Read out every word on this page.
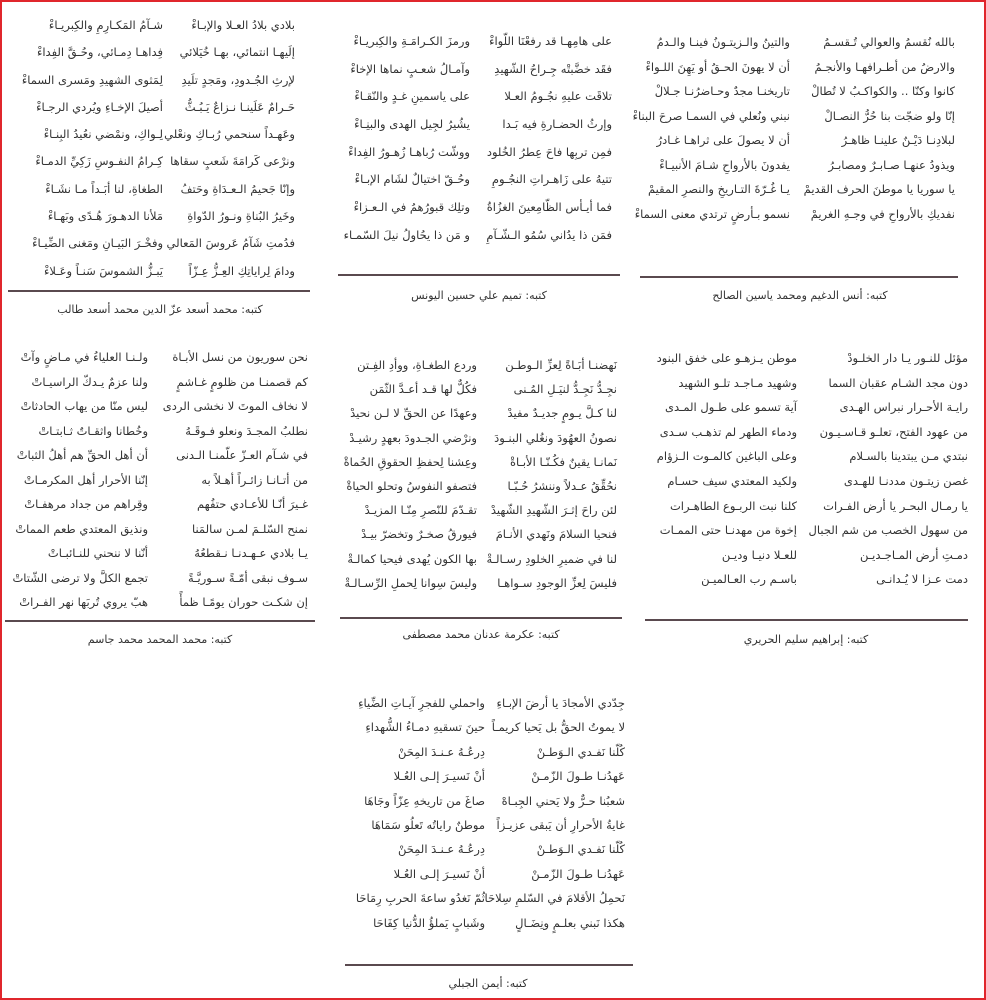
بالله نُقسمُ والعوالي تُـقسـمُ
والارضُ من أطـرافهـا والأنجـمُ
كانوا وكنّا .. والكواكـبُ لا تُطالْ
إنّا ولو ضجّت بنا حُرُّ النصـالْ
لبلادِنـا دَيْـنٌ علينـا ظاهـرُ
ويذودُ عنهـا صـابـرٌ ومصابـرُ
يا سوريا يا موطنَ الحرف القديمْ
نفديكِ بالأرواحِ في وجـهِ الغريمْ
والتينُ والـزيتـونُ فينـا والـدمُ
أن لا يهونَ الحـقُ أو يَهِنَ اللـواءْ
تاريخنـا مجدٌ وحـاضرُنـا جـلالْ
نبني ونُعلي في السمـا صرحَ البناءْ
أن لا يصولَ على ثراهـا غـادرُ
يفدونَ بالأرواحِ شـامَ الأنبيـاءْ
يـا غُـرّةَ التـاريخِ والنصرِ المقيمْ
نسمو بـأرضٍ ترتدي معنى السماءْ
كتبه: أنس الدغيم ومحمد ياسين الصالح
على هامِهـا قد رفعْنَا اللّواءْ
فقَد خضَّبتْه جِـراحُ الشّهيدِ
تلاقَت عليهِ نجُـومُ العـلا
وإرثُ الحضـارةِ فيه بَـدا
فمِن تربِها فاحَ عِطرُ الخُلود
تتيهُ على زَاهـراتِ النجُـومِ
فما أيـأس الظّامِعينَ الغزُاةُ
فمَن ذا يدُاني سُمُو الـشّـآمِ
ورمزَ الكـرامَـةِ والكِبريـاءْ
وآمـالُ شعـبٍ نماها الإخاءْ
على ياسمينِ غـدٍ والنّقـاءْ
يشُيرُ لجِيل الهدى والبنِـاءْ
ووشّت رُباهـا زُهـورُ الفِداءْ
وحُـقّ اختيالٌ لشَام الإبـاءْ
وتلِك قبورُهمُ في الـعـزاءْ
و مَن ذا يحُاولُ نيلَ السّمـاء
كتبه: تميم علي حسين اليونس
بلادي بلادُ العـلا والإبـاءْ
إلَيهـا انتمائي، بهـا خُيَلائي
لإرثِ الجُـدودِ، ومَجدٍ تلَيدِ
حَـرامٌ عَلَينـا نـزاعٌ يَـبُـثُّ
وعَهـداً سنحمي رُبـاكِ ونعْلي
ونرْعى كَرامَةَ شَعبٍ سقاها
وإنّا جَحيمُ الـعـدَاةِ وحَتفُ
وخَيرُ البُناةِ ونـورُ الدّواةِ
فدُمتِ شَآمُ عَروسَ المَعالي
ودامَ لِراياتِكِ العِـزُّ عِـزّاً
شـآمُ المَكـارِمِ والكِبريـاءْ
فِداهـا دِمـائي، وحُـقَّ الفِداءْ
لِمَثوى الشهيدِ ومَسرى السماءْ
أصيلَ الإخـاءِ ويُردي الرجـاءْ
لِـواكِ، ونمْضي نعُيدُ البِنـاءْ
كِـرامُ النفـوسِ زَكِيِّ الدمـاءْ
الطغاةِ، لنا أبَـداً مـا نشَـاءْ
مَلأنا الدهـورَ هُـدًى وبَهـاءْ
وفخْـرَ البَيـانِ ومَغنى الضِّيـاءْ
يَبـزُّ الشموسَ سَنـاً وعَـلاءْ
كتبه: محمد أسعد عزّ الدين محمد أسعد طالب
مؤئل للنـور يـا دار الخلـودْ
دون مجد الشـام عقبان السما
رايـة الأحـرار نبراس الهـدى
من عهود الفتح، تعلـو قـاسـيـون
نبتدي مـن يبتدينا بالسـلام
غصن زيتـون مددنـا للهـدى
يا رمـال البحـر يا أرض الفـرات
من سهول الخصب من شم الجبال
دمـتِ أرض المـاجـديـن
دمت عـزا لا يُـدانـى
موطن يـزهـو على خفق البنود
وشهيد مـاجـد تلـو الشهيد
آية تسمو على طـول المـدى
ودماء الطهر لم تذهـب سـدى
وعلى الباغين كالمـوت الـزؤام
ولكيد المعتدي سيف حسـام
كلنا نبت الربـوع الطاهـرات
إخوة من مهدنـا حتى الممـات
للعـلا دنيـا وديـن
باسـم رب العـالميـن
كتبه: إبراهيم سليم الحريري
نَهضنـا أبَـاةً لِعزِّ الـوطـن
نجِـدُّ نَجِـدُّ لنيَـلِ المُـنى
لنا كـلَّ يـومٍ جديـدٌ مفيدْ
نصونُ العهُودَ ونغُلي البنـودَ
نَمانـا يقينٌ فكُـنّـا الأبـاةْ
نحُقِّقُ عـدلاً وننشرُ حُـبّـا
لئن راحَ إثـرَ الشّهيدِ الشّهيدْ
فنحيا السلامَ ونَهدي الأنـامَ
لنا في ضميرِ الخلودِ رسـالـةْ
فليسَ لِعزِّ الوجودِ سـواهـا
وردع الطغـاةِ، ووأدِ الفِـتن
فكُلٌّ لها قـد أعـدَّ الثّمَن
وعهدًا عن الحقِّ لا لـن نحيدْ
ونرْضي الجـدودَ بعهدٍ رشيـدْ
وعِشنا لِحفظِ الحقوقِ الحُماةْ
فتصفو النفوسُ وتحلو الحياةْ
تقـدّمَ للنّصرِ مِنّـا المزيـدْ
فيورقُ صخـرٌ وتخضرّ بيـدْ
بها الكون يُهدى فيحيا كمالـةْ
وليسَ سِوانا لِحملِ الرِّسـالـةْ
كتبه: عكرمة عدنان محمد مصطفى
نحن سوريون من نسل الأبـاة
كم قصمنـا من ظلومٍ غـاشمٍ
لا نخاف الموتَ لا نخشى الردى
نطلبُ المجـدَ ونعلو فـوقَـهُ
في شـآم العـزّ علّمنـا الـدنى
من أتـانـا زائـراً أهـلاً به
غـيرَ أنّـا للأعـادي حتفُهم
نمنح السّلـمَ لمـن سالمَنا
يـا بلادي عـهـدنـا نـقطعُهُ
سـوف نبقى أمّـةً سـوريَّـةً
إن شكـت حوران يومًـا ظمأً
ولـنـا العلياءُ في مـاضٍ وآتْ
ولنا عزمٌ يـدكّ الراسيـاتْ
ليس منّا من يهاب الحادثاتْ
وخُطانا واثقـاتٌ ثـابتـاتْ
أن أهل الحقِّ هم أهلُ الثباتْ
إنّنا الأحرار أهل المكرمـاتْ
وقِراهم من جداد مرهفـاتْ
ونذيق المعتدي طعم المماتْ
أنّنا لا ننحني للنـائبـاتْ
تجمع الكلَّ ولا ترضى الشّتاتْ
هبّ يروي تُربَها نهر الفـراتْ
كتبه: محمد المحمد محمد جاسم
جِدّدي الأمجادَ يا أرضَ الإبـاءِ
لا يموتُ الحقُّ بل يَحيا كريمـاً
كُلّنا نَفـدي الـوَطـنْ
عَهدُنـا طـولَ الزّمـنْ
شعبُنا حـرٌّ ولا يَحني الجِبـاهْ
غايةُ الأحرارِ أن يَبقى عزيـزاً
كُلّنا نَفـدي الـوَطـنْ
عَهدُنـا طـولَ الزّمـنْ
نَحمِلُ الأقلامَ في السّلمِ سِلاحَا
هكذا نَبني بعلـمٍ ونِضَـالٍ
واحملي للفجرِ آيـاتِ الضِّياءِ
حينَ تسقيهِ دمـاءُ الشُّهداءِ
دِرعُـهُ عـنـدَ المِحَنْ
أنْ نَسيـرَ إلـى العُـلا
صاغَ من تاريخهِ عِزّاً وجَاهَا
موطنٌ راياتُه تَعلُو سَمَاهَا
دِرعُـهُ عـنـدَ المِحَنْ
أنْ نَسيـرَ إلـى العُـلا
ثُمّ نَغدُو ساعةَ الحربِ رِمَاحَا
وشَبابٍ يَملؤُ الدُّنيا كِفَاحَا
كتبه: أيمن الجبلي
